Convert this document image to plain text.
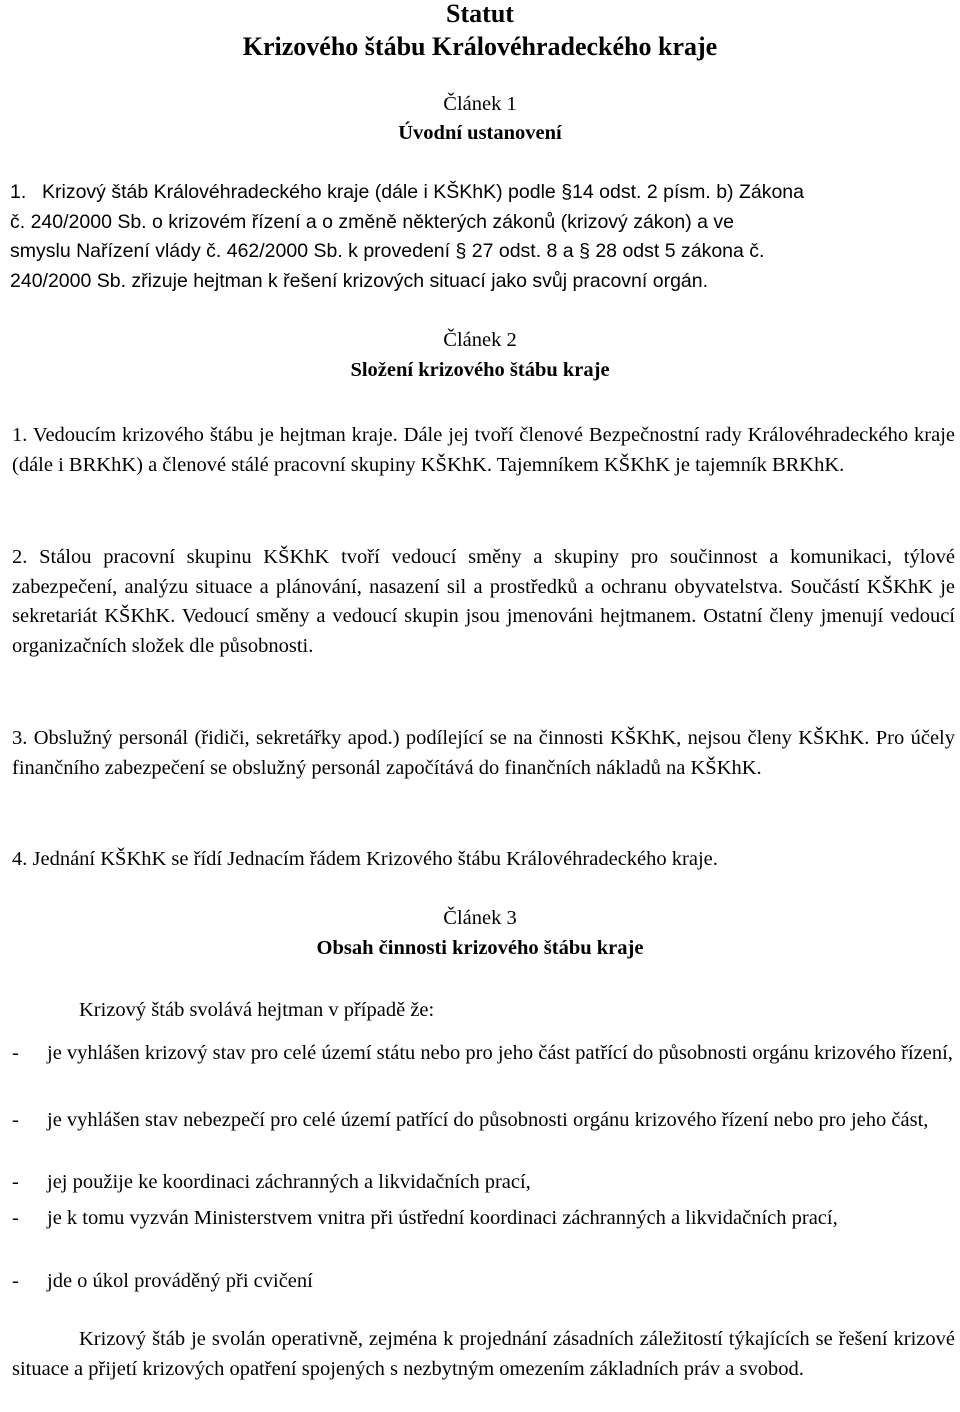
Statut
Krizového štábu Královéhradeckého kraje
Článek 1
Úvodní ustanovení
1. Krizový štáb Královéhradeckého kraje (dále i KŠKhK) podle §14 odst. 2 písm. b) Zákona
č. 240/2000 Sb. o krizovém řízení a o změně některých zákonů (krizový zákon) a ve
smyslu Nařízení vlády č. 462/2000 Sb. k provedení § 27 odst. 8 a § 28 odst 5 zákona č.
240/2000 Sb. zřizuje hejtman k řešení krizových situací jako svůj pracovní orgán.
Článek 2
Složení krizového štábu kraje
1. Vedoucím krizového štábu je hejtman kraje. Dále jej tvoří členové Bezpečnostní rady Královéhradeckého kraje (dále i BRKhK) a členové stálé pracovní skupiny KŠKhK. Tajemníkem KŠKhK je tajemník BRKhK.
2. Stálou pracovní skupinu KŠKhK tvoří vedoucí směny a skupiny pro součinnost a komunikaci, týlové zabezpečení, analýzu situace a plánování, nasazení sil a prostředků a ochranu obyvatelstva. Součástí KŠKhK je sekretariát KŠKhK. Vedoucí směny a vedoucí skupin jsou jmenováni hejtmanem. Ostatní členy jmenují vedoucí organizačních složek dle působnosti.
3. Obslužný personál (řidiči, sekretářky apod.) podílející se na činnosti KŠKhK, nejsou členy KŠKhK. Pro účely finančního zabezpečení se obslužný personál započítává do finančních nákladů na KŠKhK.
4. Jednání KŠKhK se řídí Jednacím řádem Krizového štábu Královéhradeckého kraje.
Článek 3
Obsah činnosti krizového štábu kraje
Krizový štáb svolává hejtman v případě že:
- je vyhlášen krizový stav pro celé území státu nebo pro jeho část patřící do působnosti orgánu krizového řízení,
- je vyhlášen stav nebezpečí pro celé území patřící do působnosti orgánu krizového řízení nebo pro jeho část,
- jej použije ke koordinaci záchranných a likvidačních prací,
- je k tomu vyzván Ministerstvem vnitra při ústřední koordinaci záchranných a likvidačních prací,
- jde o úkol prováděný při cvičení
Krizový štáb je svolán operativně, zejména k projednání zásadních záležitostí týkajících se řešení krizové situace a přijetí krizových opatření spojených s nezbytným omezením základních práv a svobod.
